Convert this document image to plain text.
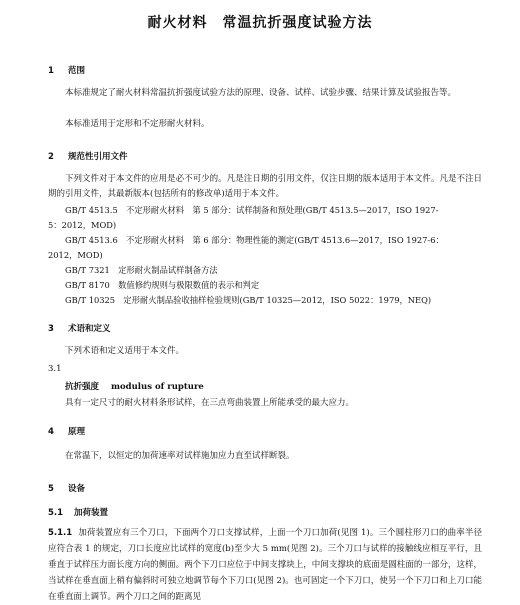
耐火材料　常温抗折强度试验方法
1 范围
本标准规定了耐火材料常温抗折强度试验方法的原理、设备、试样、试验步骤、结果计算及试验报告等。
本标准适用于定形和不定形耐火材料。
2 规范性引用文件
下列文件对于本文件的应用是必不可少的。凡是注日期的引用文件，仅注日期的版本适用于本文件。凡是不注日期的引用文件，其最新版本(包括所有的修改单)适用于本文件。
GB/T 4513.5　不定形耐火材料　第 5 部分：试样制备和预处理(GB/T 4513.5—2017，ISO 1927-
5：2012，MOD)
GB/T 4513.6　不定形耐火材料　第 6 部分：物理性能的测定(GB/T 4513.6—2017，ISO 1927-6：
2012，MOD)
GB/T 7321　定形耐火制品试样制备方法
GB/T 8170　数值修约规则与极限数值的表示和判定
GB/T 10325　定形耐火制品验收抽样检验规则(GB/T 10325—2012，ISO 5022：1979，NEQ)
3 术语和定义
下列术语和定义适用于本文件。
3.1
抗折强度 modulus of rupture
具有一定尺寸的耐火材料条形试样，在三点弯曲装置上所能承受的最大应力。
4 原理
在常温下，以恒定的加荷速率对试样施加应力直至试样断裂。
5 设备
5.1 加荷装置
5.1.1 加荷装置应有三个刀口，下面两个刀口支撑试样，上面一个刀口加荷(见图 1)。三个圆柱形刀口的曲率半径应符合表 1 的规定，刀口长度应比试样的宽度(b)至少大 5 mm(见图 2)。三个刀口与试样的接触线应相互平行，且垂直于试样压力面长度方向的侧面。两个下刀口应位于中间支撑块上，中间支撑块的底面是圆柱面的一部分，这样，当试样在垂直面上稍有偏斜时可独立地调节每个下刀口(见图 2)。也可固定一个下刀口，使另一个下刀口和上刀口能在垂直面上调节。两个刀口之间的距离见
